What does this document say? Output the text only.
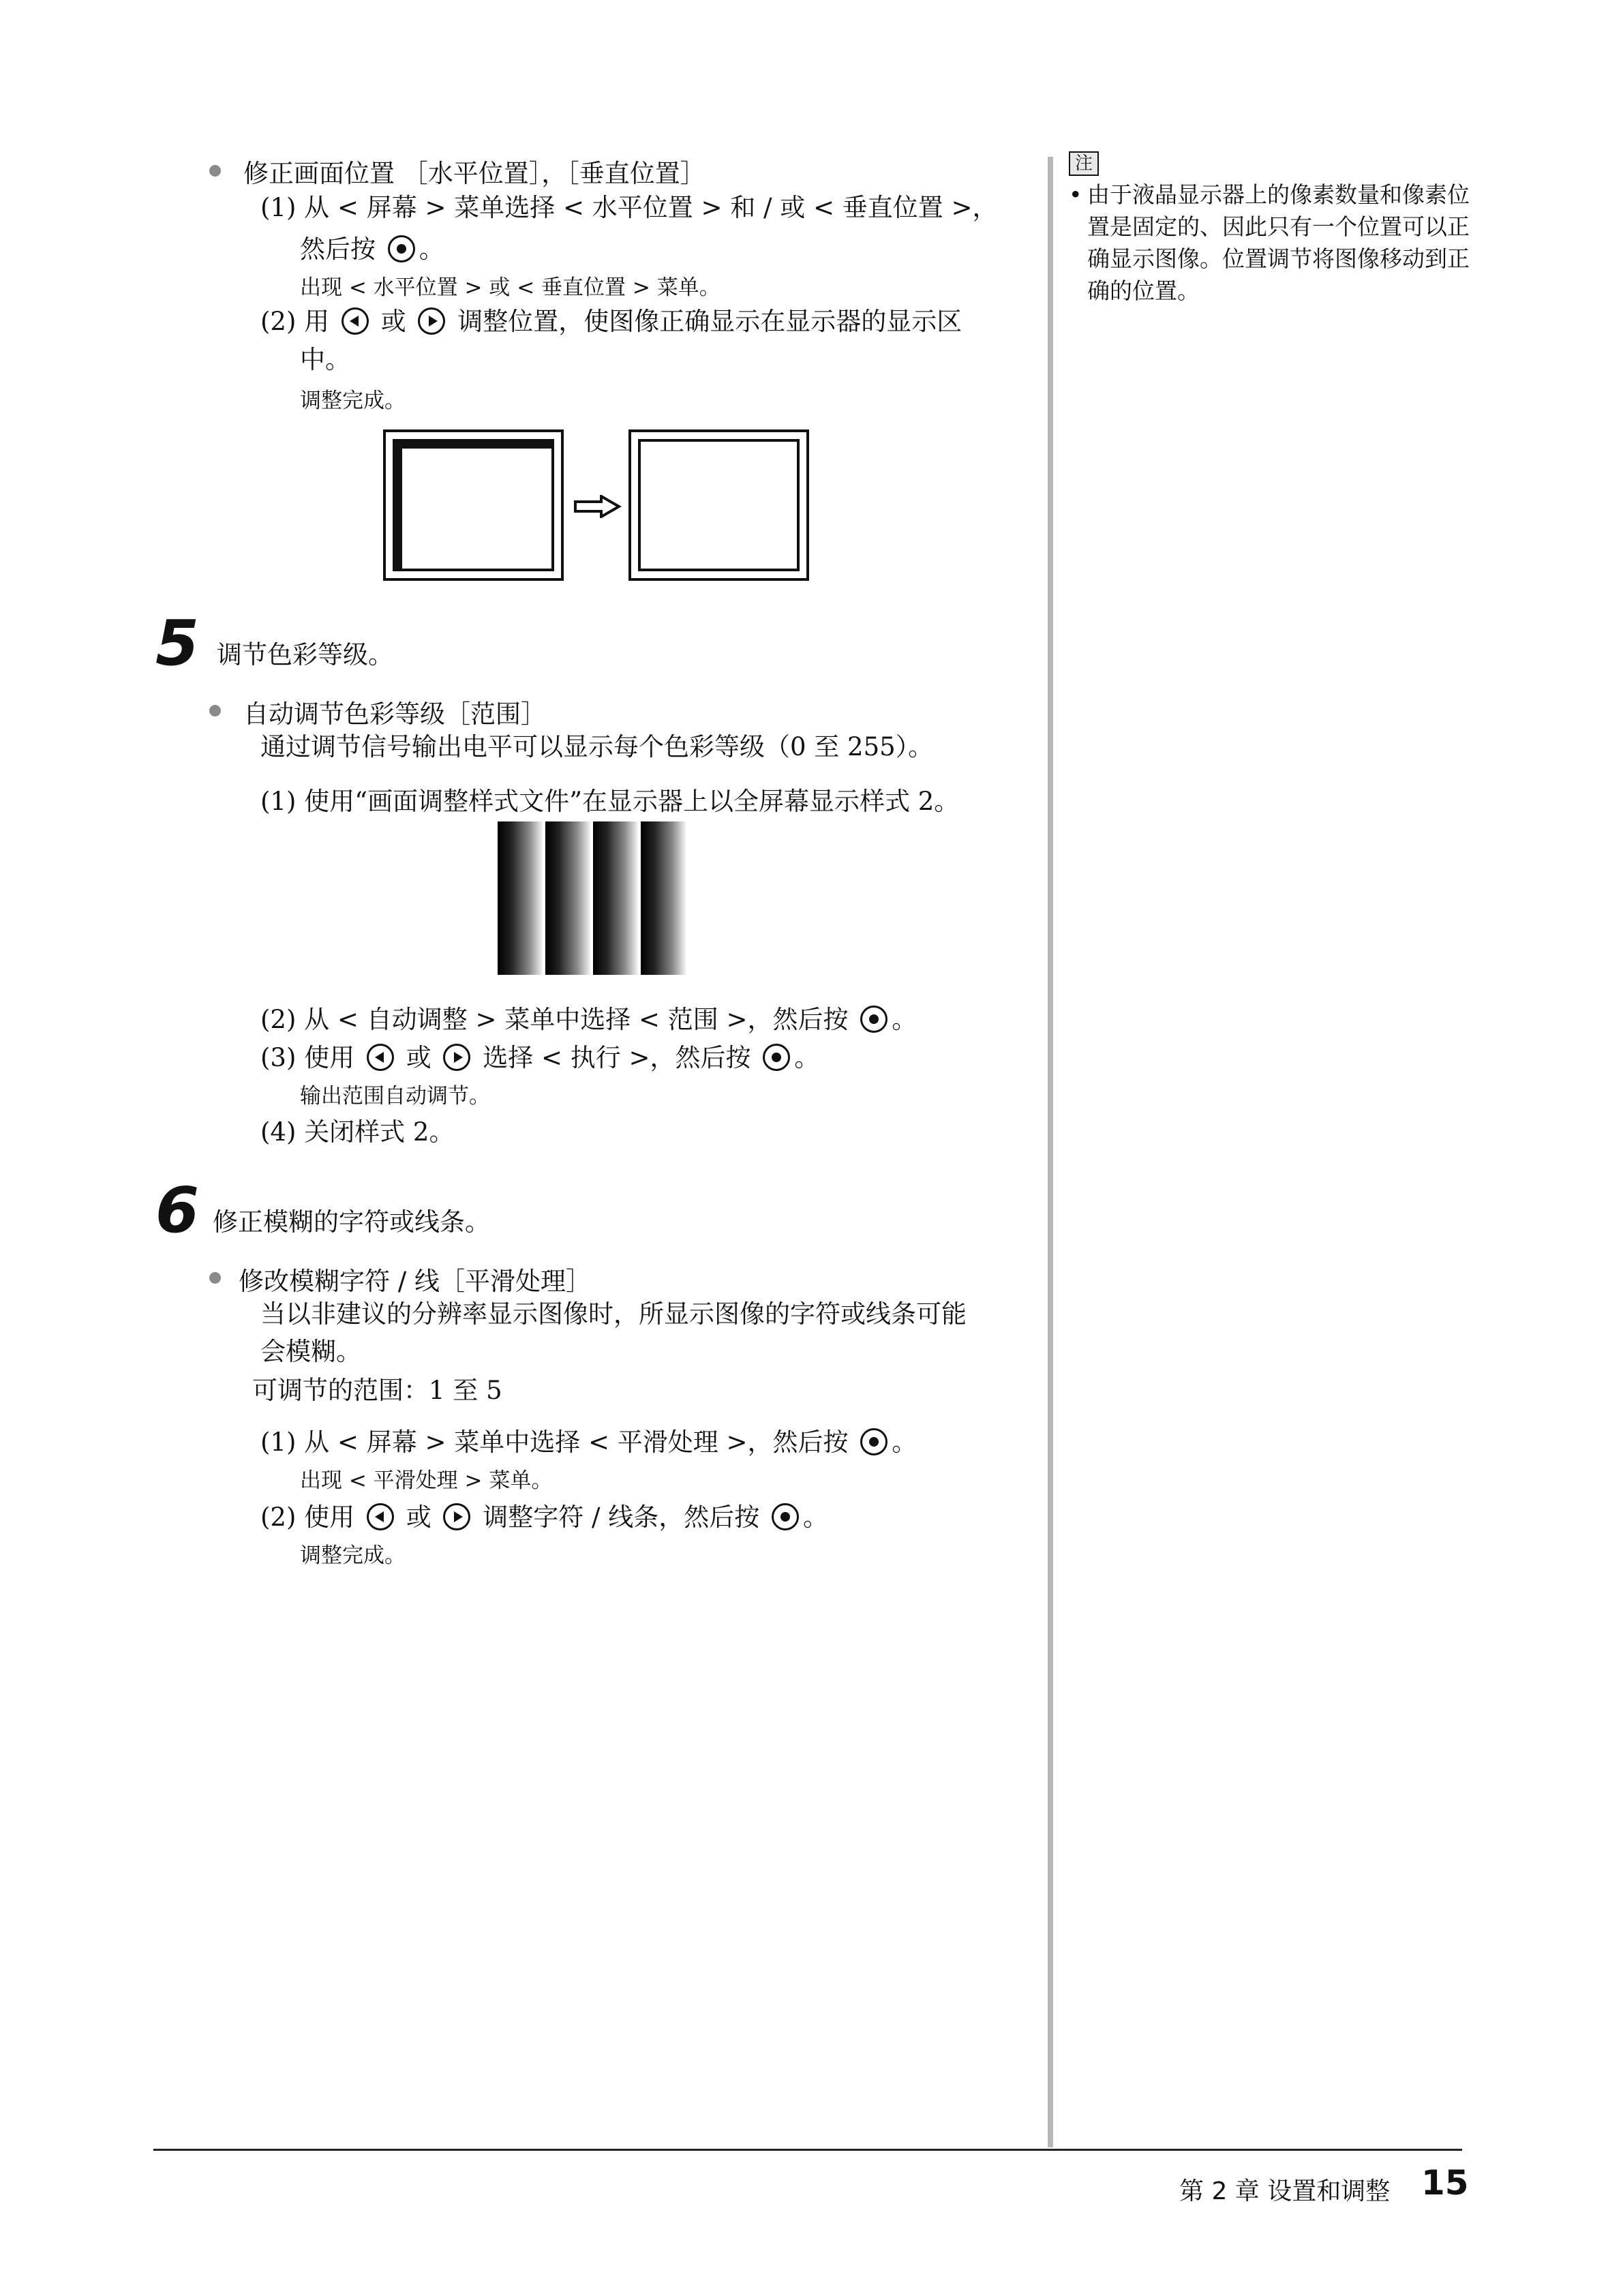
修正画面位置 ［水平位置］，［垂直位置］
(1) 从 < 屏幕 > 菜单选择 < 水平位置 > 和 / 或 < 垂直位置 >，
然后按 。
出现 < 水平位置 > 或 < 垂直位置 > 菜单。
(2) 用 或 调整位置，使图像正确显示在显示器的显示区
中。
调整完成。
5 调节色彩等级。
自动调节色彩等级［范围］
通过调节信号输出电平可以显示每个色彩等级（0 至 255）。
(1) 使用“画面调整样式文件”在显示器上以全屏幕显示样式 2。
(2) 从 < 自动调整 > 菜单中选择 < 范围 >，然后按 。
(3) 使用 或 选择 < 执行 >，然后按 。
输出范围自动调节。
(4) 关闭样式 2。
6 修正模糊的字符或线条。
修改模糊字符 / 线［平滑处理］
当以非建议的分辨率显示图像时，所显示图像的字符或线条可能
会模糊。
可调节的范围：1 至 5
(1) 从 < 屏幕 > 菜单中选择 < 平滑处理 >，然后按 。
出现 < 平滑处理 > 菜单。
(2) 使用 或 调整字符 / 线条，然后按 。
调整完成。
注
• 由于液晶显示器上的像素数量和像素位置是固定的、因此只有一个位置可以正确显示图像。位置调节将图像移动到正确的位置。
第 2 章 设置和调整 15
